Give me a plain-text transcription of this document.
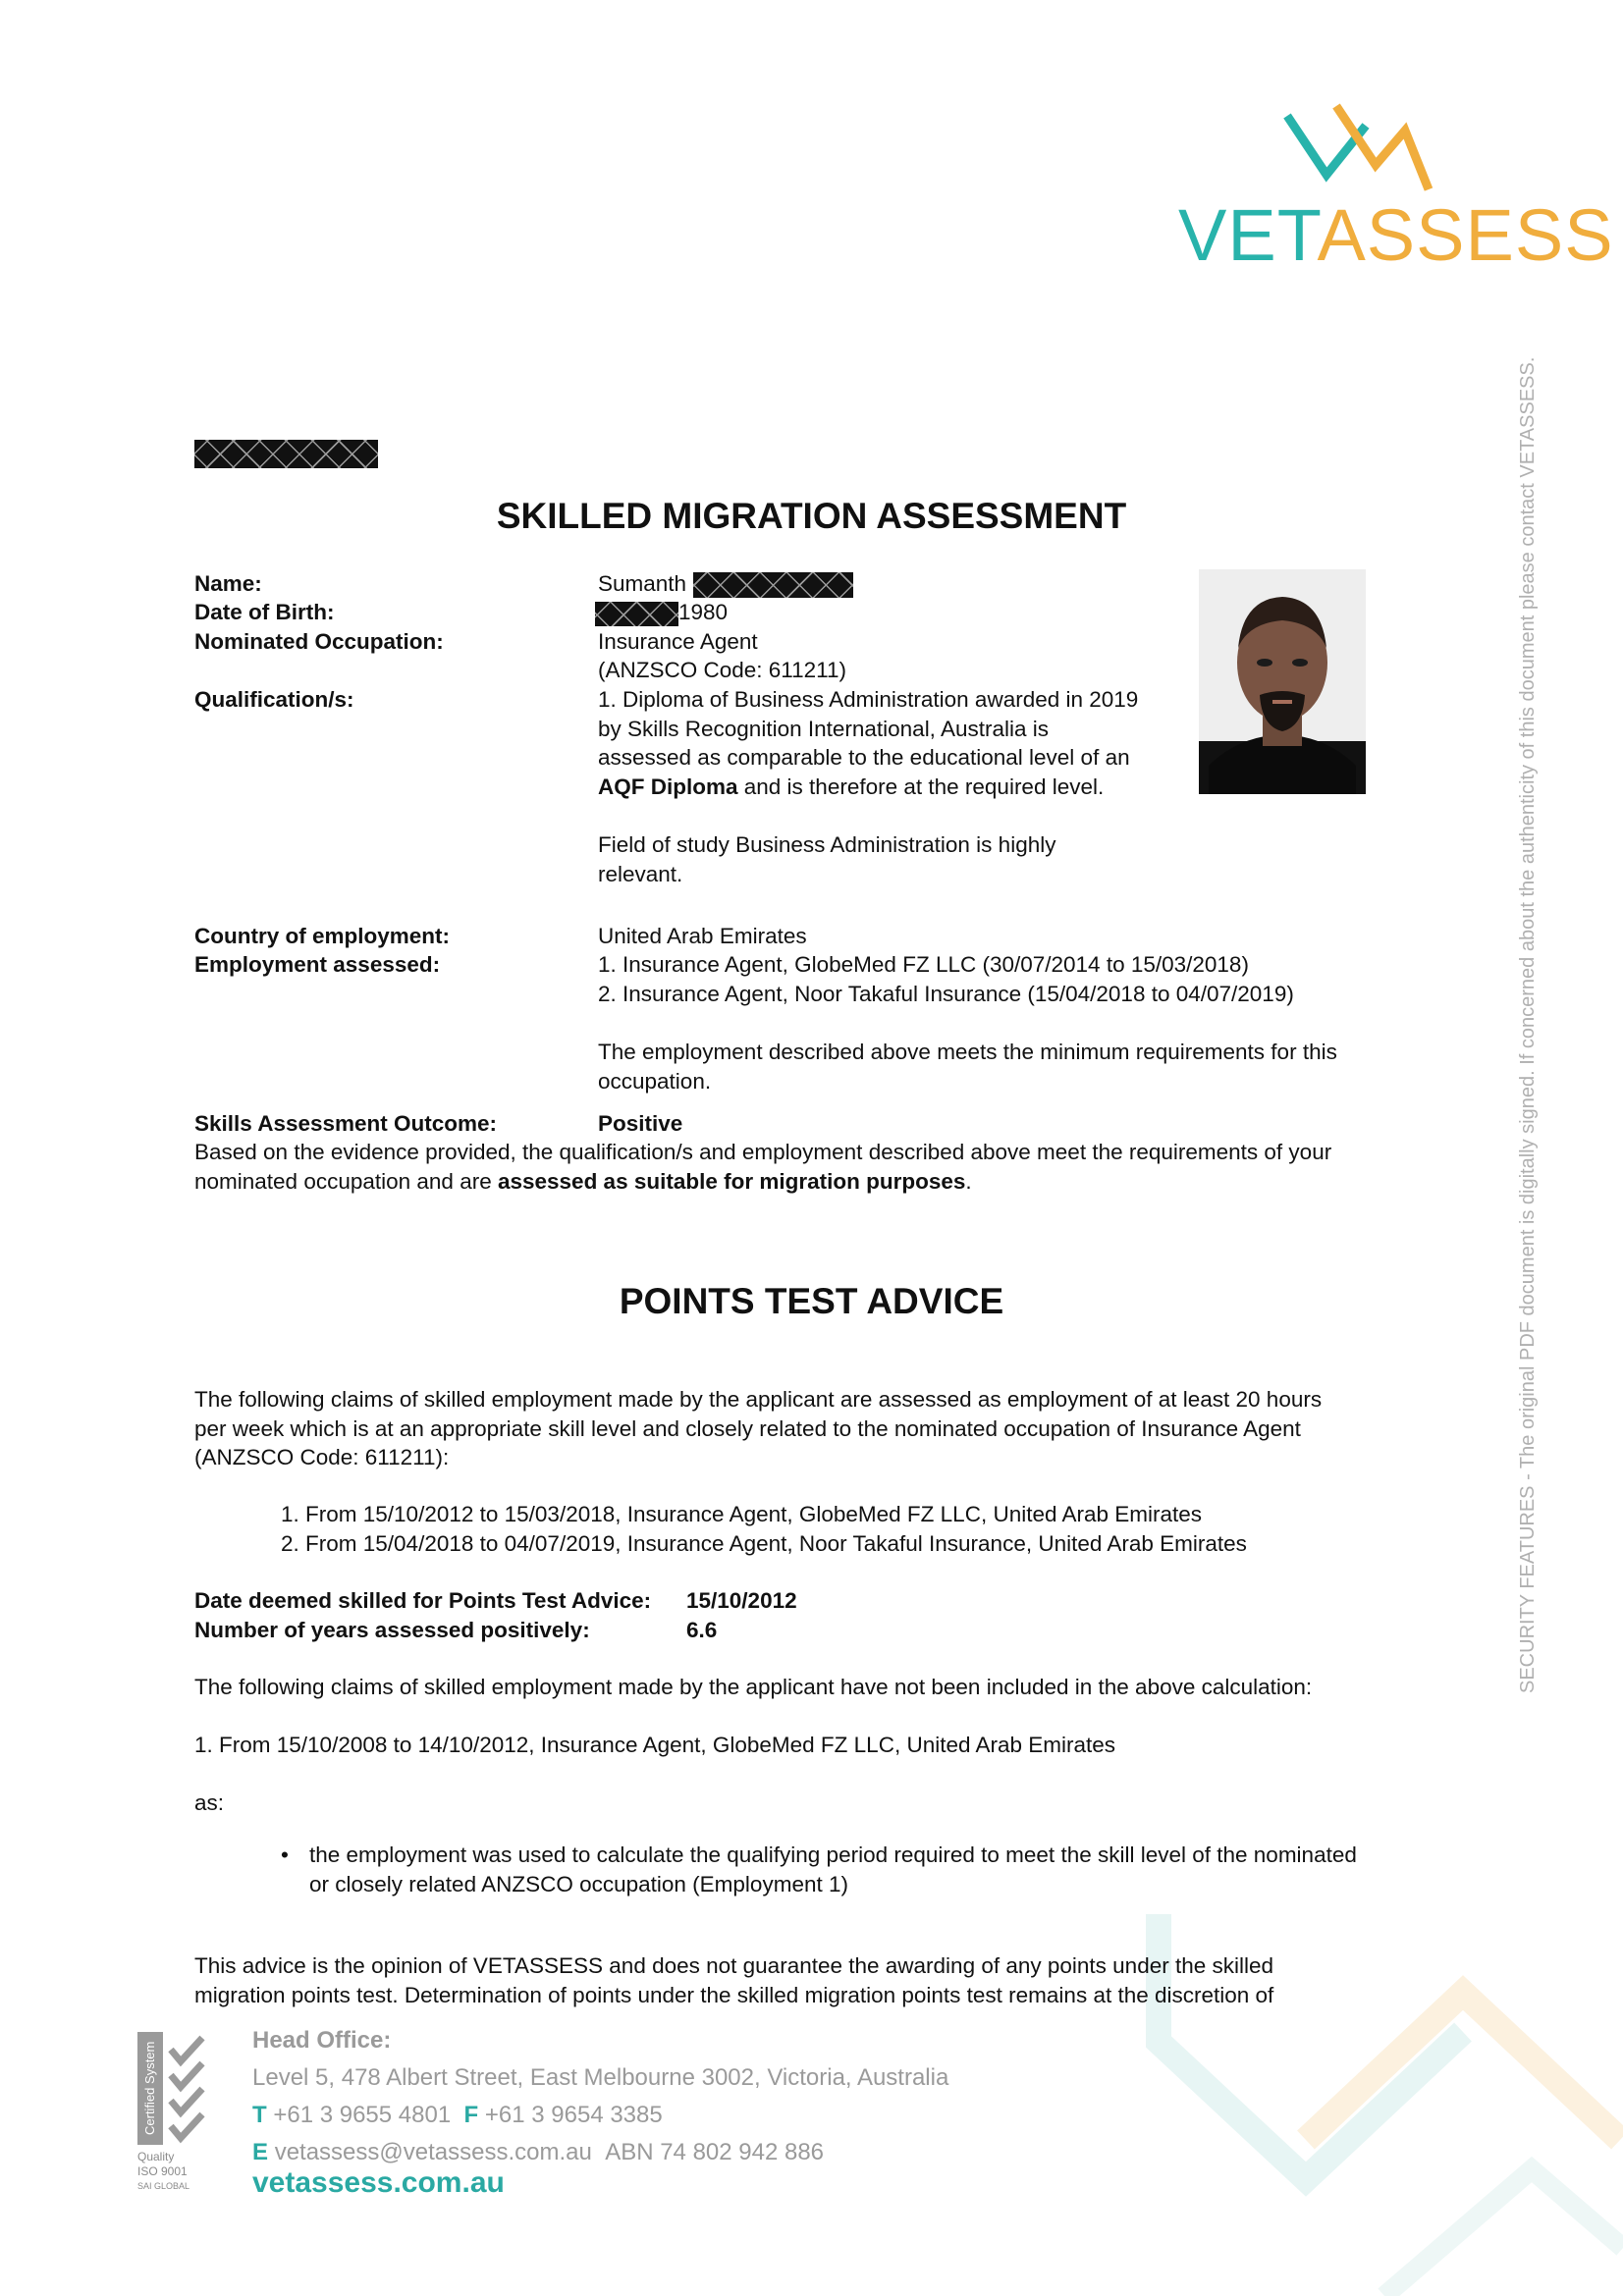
VETASSESS
SECURITY FEATURES - The original PDF document is digitally signed. If concerned about the authenticity of this document please contact VETASSESS.
SKILLED MIGRATION ASSESSMENT
Name:	Sumanth
Date of Birth:	1980
Nominated Occupation:	Insurance Agent
(ANZSCO Code: 611211)
Qualification/s:	1. Diploma of Business Administration awarded in 2019
by Skills Recognition International, Australia is
assessed as comparable to the educational level of an
AQF Diploma and is therefore at the required level.
Field of study Business Administration is highly
relevant.
Country of employment:	United Arab Emirates
Employment assessed:	1. Insurance Agent, GlobeMed FZ LLC (30/07/2014 to 15/03/2018)
2. Insurance Agent, Noor Takaful Insurance (15/04/2018 to 04/07/2019)
The employment described above meets the minimum requirements for this
occupation.
Skills Assessment Outcome:	Positive
Based on the evidence provided, the qualification/s and employment described above meet the requirements of your
nominated occupation and are assessed as suitable for migration purposes.
POINTS TEST ADVICE
The following claims of skilled employment made by the applicant are assessed as employment of at least 20 hours
per week which is at an appropriate skill level and closely related to the nominated occupation of Insurance Agent
(ANZSCO Code: 611211):
1. From 15/10/2012 to 15/03/2018, Insurance Agent, GlobeMed FZ LLC, United Arab Emirates
2. From 15/04/2018 to 04/07/2019, Insurance Agent, Noor Takaful Insurance, United Arab Emirates
Date deemed skilled for Points Test Advice: 15/10/2012
Number of years assessed positively:	6.6
The following claims of skilled employment made by the applicant have not been included in the above calculation:
1. From 15/10/2008 to 14/10/2012, Insurance Agent, GlobeMed FZ LLC, United Arab Emirates
as:
• the employment was used to calculate the qualifying period required to meet the skill level of the nominated
or closely related ANZSCO occupation (Employment 1)
This advice is the opinion of VETASSESS and does not guarantee the awarding of any points under the skilled
migration points test. Determination of points under the skilled migration points test remains at the discretion of
Certified System
Quality
ISO 9001
SAI GLOBAL
Head Office:
Level 5, 478 Albert Street, East Melbourne 3002, Victoria, Australia
T +61 3 9655 4801 F +61 3 9654 3385
E vetassess@vetassess.com.au ABN 74 802 942 886
vetassess.com.au
